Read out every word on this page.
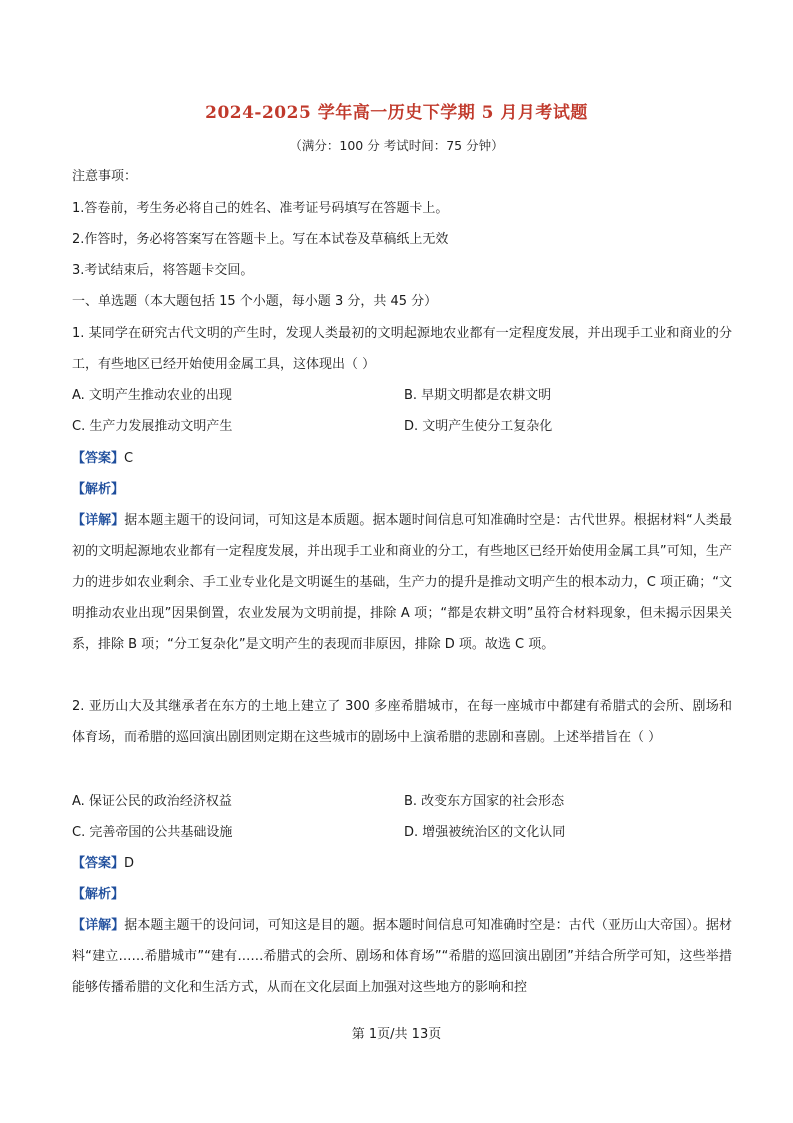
2024-2025 学年高一历史下学期 5 月月考试题
（满分：100 分 考试时间：75 分钟）
注意事项：
1.答卷前，考生务必将自己的姓名、准考证号码填写在答题卡上。
2.作答时，务必将答案写在答题卡上。写在本试卷及草稿纸上无效
3.考试结束后，将答题卡交回。
一、单选题（本大题包括 15 个小题，每小题 3 分，共 45 分）
1. 某同学在研究古代文明的产生时，发现人类最初的文明起源地农业都有一定程度发展，并出现手工业和商业的分工，有些地区已经开始使用金属工具，这体现出（ ）
A. 文明产生推动农业的出现	B. 早期文明都是农耕文明
C. 生产力发展推动文明产生	D. 文明产生使分工复杂化
【答案】C
【解析】
【详解】据本题主题干的设问词，可知这是本质题。据本题时间信息可知准确时空是：古代世界。根据材料“人类最初的文明起源地农业都有一定程度发展，并出现手工业和商业的分工，有些地区已经开始使用金属工具”可知，生产力的进步如农业剩余、手工业专业化是文明诞生的基础，生产力的提升是推动文明产生的根本动力，C 项正确；“文明推动农业出现”因果倒置，农业发展为文明前提，排除 A 项；“都是农耕文明”虽符合材料现象，但未揭示因果关系，排除 B 项；“分工复杂化”是文明产生的表现而非原因，排除 D 项。故选 C 项。
2. 亚历山大及其继承者在东方的土地上建立了 300 多座希腊城市，在每一座城市中都建有希腊式的会所、剧场和体育场，而希腊的巡回演出剧团则定期在这些城市的剧场中上演希腊的悲剧和喜剧。上述举措旨在（ ）
A. 保证公民的政治经济权益	B. 改变东方国家的社会形态
C. 完善帝国的公共基础设施	D. 增强被统治区的文化认同
【答案】D
【解析】
【详解】据本题主题干的设问词，可知这是目的题。据本题时间信息可知准确时空是：古代（亚历山大帝国）。据材料“建立……希腊城市”“建有……希腊式的会所、剧场和体育场”“希腊的巡回演出剧团”并结合所学可知，这些举措能够传播希腊的文化和生活方式，从而在文化层面上加强对这些地方的影响和控
第 1页/共 13页
